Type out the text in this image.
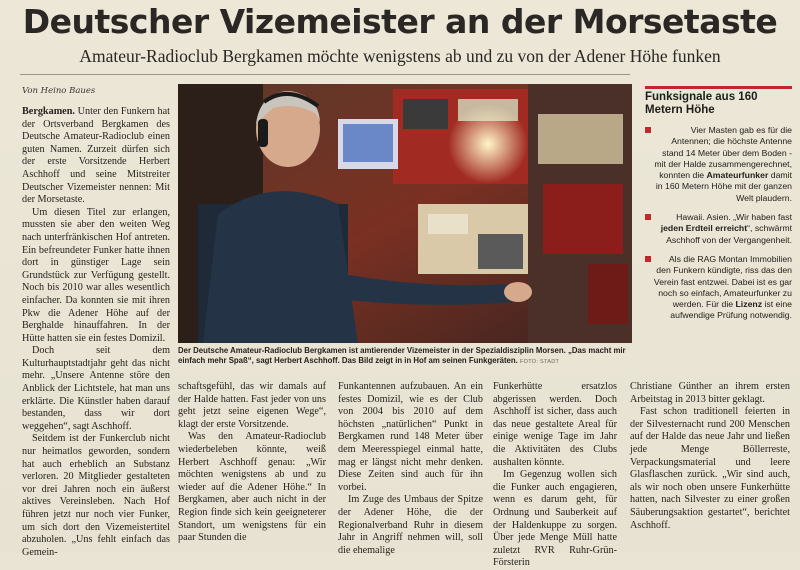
Deutscher Vizemeister an der Morsetaste
Amateur-Radioclub Bergkamen möchte wenigstens ab und zu von der Adener Höhe funken
Von Heino Baues

Bergkamen. Unter den Funkern hat der Ortsverband Bergkamen des Deutsche Amateur-Radioclub einen guten Namen. Zurzeit dürfen sich der erste Vorsitzende Herbert Aschhoff und seine Mitstreiter Deutscher Vizemeister nennen: Mit der Morsetaste.

Um diesen Titel zur erlangen, mussten sie aber den weiten Weg nach unterfränkischen Hof antreten. Ein befreundeter Funker hatte ihnen dort in günstiger Lage sein Grundstück zur Verfügung gestellt. Noch bis 2010 war alles wesentlich einfacher. Da konnten sie mit ihren Pkw die Adener Höhe auf der Berghalde hinauffahren. In der Hütte hatten sie ein festes Domizil.

Doch seit dem Kulturhauptstadtjahr geht das nicht mehr. „Unsere Antenne störe den Anblick der Lichtstele, hat man uns erklärte. Die Künstler haben darauf bestanden, dass wir dort weggehen“, sagt Aschhoff.

Seitdem ist der Funkerclub nicht nur heimatlos geworden, sondern hat auch erheblich an Substanz verloren. 20 Mitglieder gestalteten vor drei Jahren noch ein äußerst aktives Vereinsleben. Nach Hof führen jetzt nur noch vier Funker, um sich dort den Vizemeistertitel abzuholen. „Uns fehlt einfach das Gemein-

Der Deutsche Amateur-Radioclub Bergkamen ist amtierender Vizemeister in der Spezialdisziplin Morsen. „Das macht mir einfach mehr Spaß“, sagt Herbert Aschhoff. Das Bild zeigt in in Hof am seinen Funkgeräten. FOTO: STADT

schaftsgefühl, das wir damals auf der Halde hatten. Fast jeder von uns geht jetzt seine eigenen Wege“, klagt der erste Vorsitzende.

Was den Amateur-Radioclub wiederbeleben könnte, weiß Herbert Aschhoff genau: „Wir möchten wenigstens ab und zu wieder auf die Adener Höhe.“ In Bergkamen, aber auch nicht in der Region finde sich kein geeigneterer Standort, um wenigstens für ein paar Stunden die

Funkantennen aufzubauen. An ein festes Domizil, wie es der Club von 2004 bis 2010 auf dem höchsten „natürlichen“ Punkt in Bergkamen rund 148 Meter über dem Meeresspiegel einmal hatte, mag er längst nicht mehr denken. Diese Zeiten sind auch für ihn vorbei.

Im Zuge des Umbaus der Spitze der Adener Höhe, die der Regionalverband Ruhr in diesem Jahr in Angriff nehmen will, soll die ehemalige

Funkerhütte ersatzlos abgerissen werden. Doch Aschhoff ist sicher, dass auch das neue gestaltete Areal für einige wenige Tage im Jahr die Aktivitäten des Clubs aushalten könnte.

Im Gegenzug wollen sich die Funker auch engagieren, wenn es darum geht, für Ordnung und Sauberkeit auf der Haldenkuppe zu sorgen. Über jede Menge Müll hatte zuletzt RVR Ruhr-Grün-Försterin

Christiane Günther an ihrem ersten Arbeitstag in 2013 bitter geklagt.

Fast schon traditionell feierten in der Silvesternacht rund 200 Menschen auf der Halde das neue Jahr und ließen jede Menge Böllerreste, Verpackungsmaterial und leere Glasflaschen zurück. „Wir sind auch, als wir noch oben unsere Funkerhütte hatten, nach Silvester zu einer großen Säuberungsaktion gestartet“, berichtet Aschhoff.

Funksignale aus 160 Metern Höhe
Vier Masten gab es für die Antennen; die höchste Antenne stand 14 Meter über dem Boden - mit der Halde zusammengerechnet, konnten die Amateurfunker damit in 160 Metern Höhe mit der ganzen Welt plaudern.
Hawaii. Asien. „Wir haben fast jeden Erdteil erreicht“, schwärmt Aschhoff von der Vergangenheit.
Als die RAG Montan Immobilien den Funkern kündigte, riss das den Verein fast entzwei. Dabei ist es gar noch so einfach, Amateurfunker zu werden. Für die Lizenz ist eine aufwendige Prüfung notwendig.
